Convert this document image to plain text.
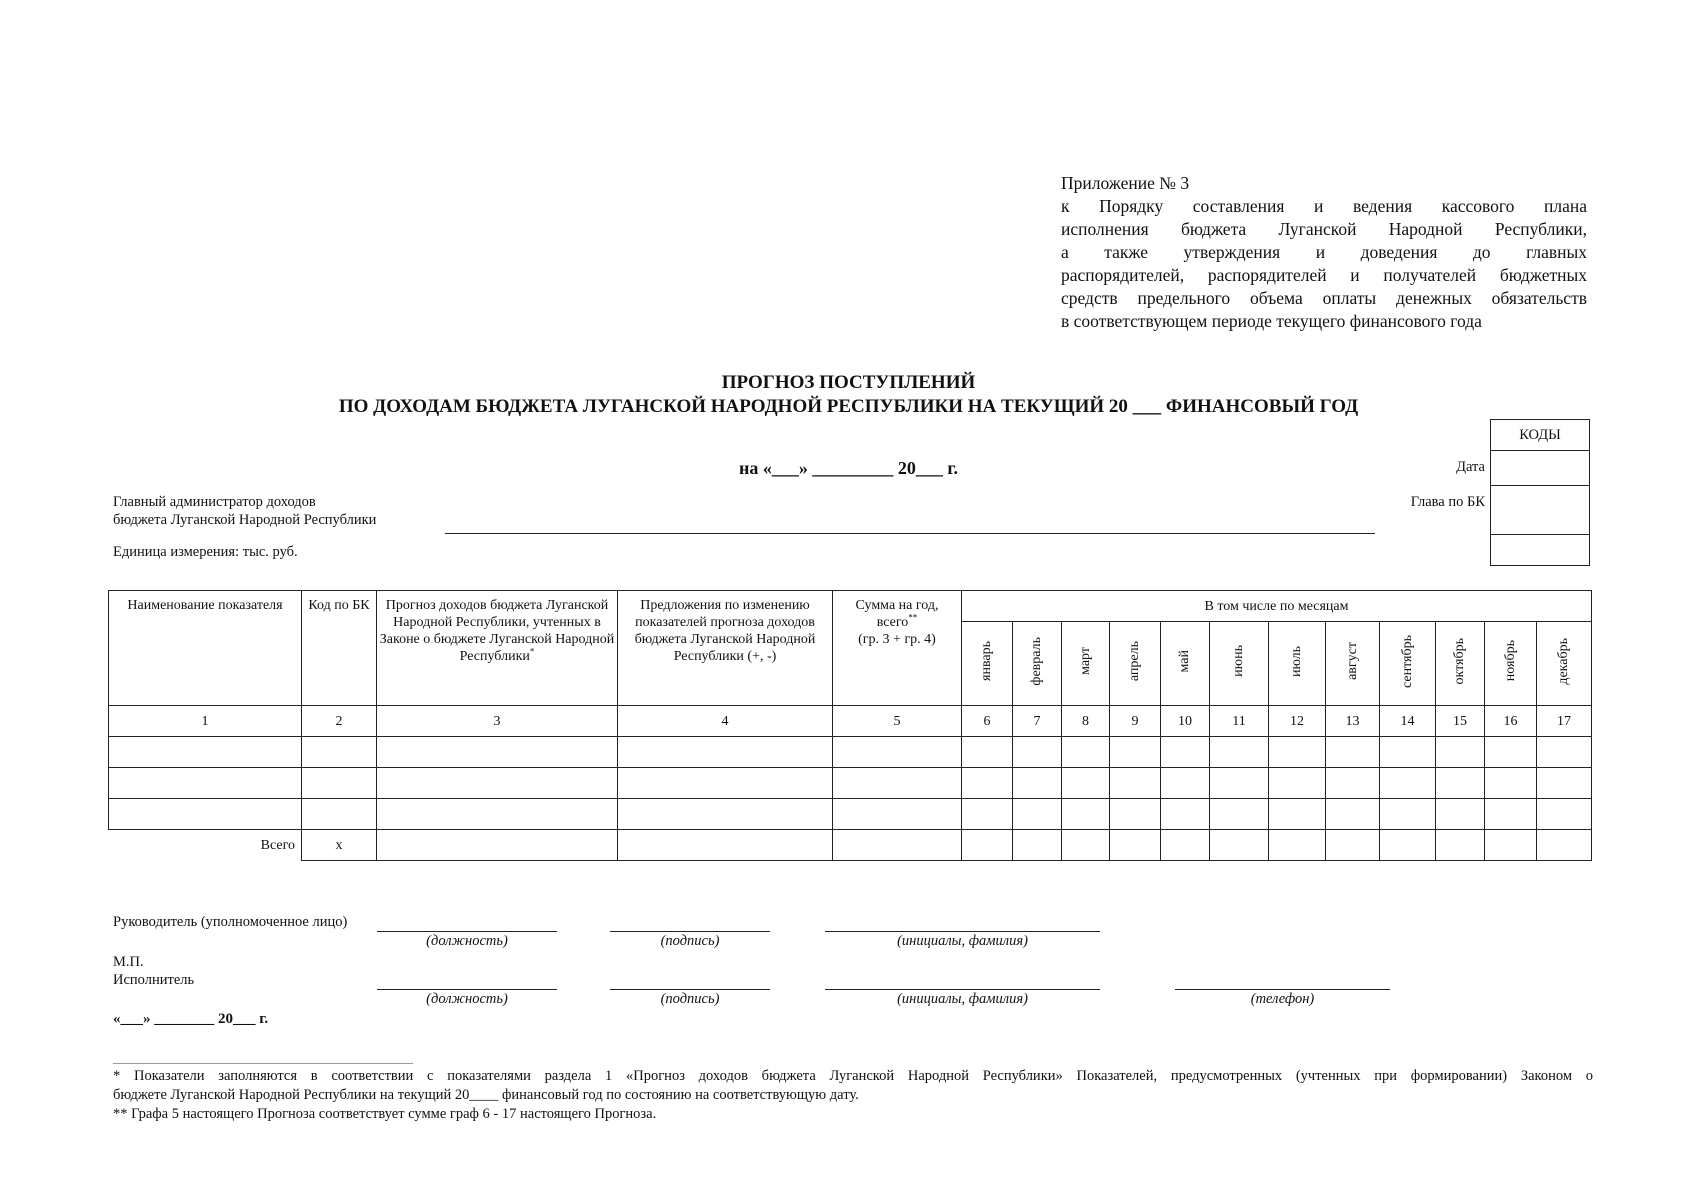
Приложение № 3
к Порядку составления и ведения кассового плана
исполнения бюджета Луганской Народной Республики,
а также утверждения и доведения до главных
распорядителей, распорядителей и получателей бюджетных
средств предельного объема оплаты денежных обязательств
в соответствующем периоде текущего финансового года
ПРОГНОЗ ПОСТУПЛЕНИЙ
ПО ДОХОДАМ БЮДЖЕТА ЛУГАНСКОЙ НАРОДНОЙ РЕСПУБЛИКИ НА ТЕКУЩИЙ 20 ___ ФИНАНСОВЫЙ ГОД
на «___» _________ 20___ г.	Дата
Глава по БК
КОДЫ

Главный администратор доходов
бюджета Луганской Народной Республики
Единица измерения: тыс. руб.
Наименование показателя	Код по БК	Прогноз доходов бюджета Луганской Народной Республики, учтенных в Законе о бюджете Луганской Народной Республики*	Предложения по изменению показателей прогноза доходов бюджета Луганской Народной Республики (+, -)	Сумма на год,
всего**
(гр. 3 + гр. 4)	В том числе по месяцам											
					январь	февраль	март	апрель	май	июнь	июль	август	сентябрь	октябрь	ноябрь	декабрь
1	2	3	4	5	6	7	8	9	10	11	12	13	14	15	16	17

Всего	х															
Руководитель (уполномоченное лицо)
(должность)	(подпись)	(инициалы, фамилия)
М.П.
Исполнитель
(должность)	(подпись)	(инициалы, фамилия)	(телефон)
«___» ________ 20___ г.
* Показатели заполняются в соответствии с показателями раздела 1 «Прогноз доходов бюджета Луганской Народной Республики» Показателей, предусмотренных (учтенных при формировании) Законом о
бюджете Луганской Народной Республики на текущий 20____ финансовый год по состоянию на соответствующую дату.
** Графа 5 настоящего Прогноза соответствует сумме граф 6 - 17 настоящего Прогноза.
